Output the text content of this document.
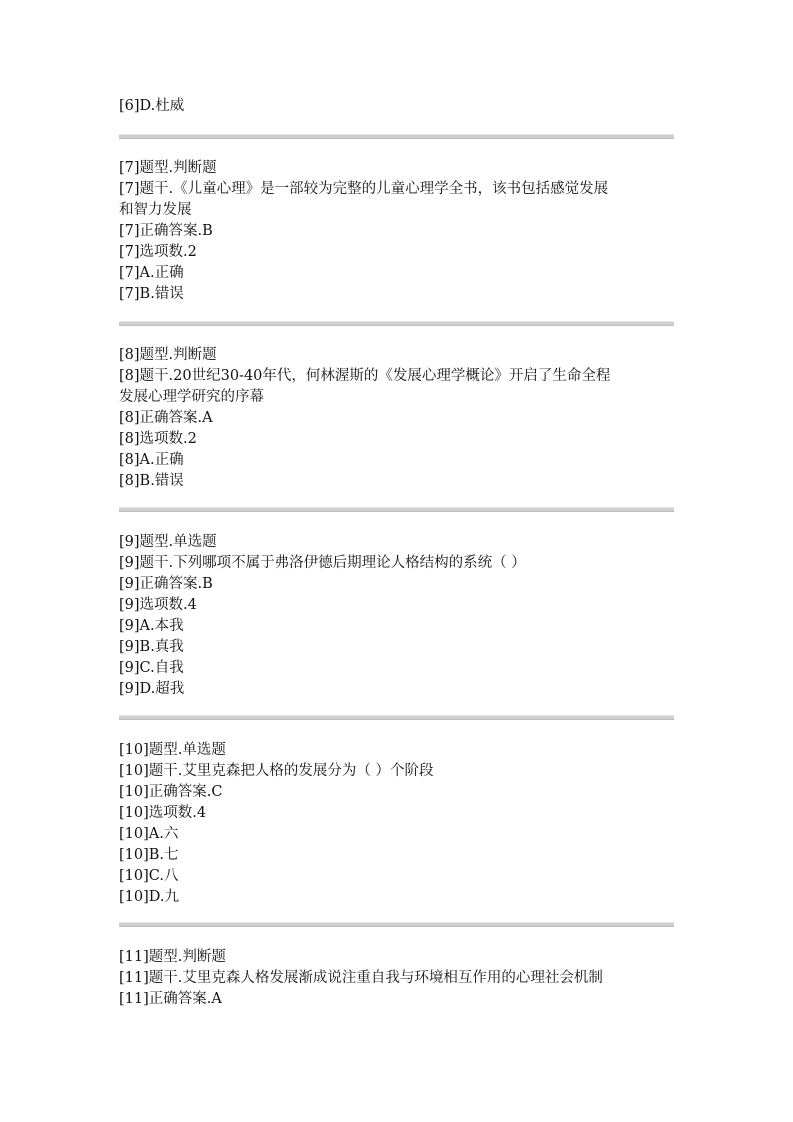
[6]D.杜威
[7]题型.判断题
[7]题干.《儿童心理》是一部较为完整的儿童心理学全书，该书包括感觉发展
和智力发展
[7]正确答案.B
[7]选项数.2
[7]A.正确
[7]B.错误
[8]题型.判断题
[8]题干.20世纪30-40年代，何林渥斯的《发展心理学概论》开启了生命全程
发展心理学研究的序幕
[8]正确答案.A
[8]选项数.2
[8]A.正确
[8]B.错误
[9]题型.单选题
[9]题干.下列哪项不属于弗洛伊德后期理论人格结构的系统（ ）
[9]正确答案.B
[9]选项数.4
[9]A.本我
[9]B.真我
[9]C.自我
[9]D.超我
[10]题型.单选题
[10]题干.艾里克森把人格的发展分为（ ）个阶段
[10]正确答案.C
[10]选项数.4
[10]A.六
[10]B.七
[10]C.八
[10]D.九
[11]题型.判断题
[11]题干.艾里克森人格发展渐成说注重自我与环境相互作用的心理社会机制
[11]正确答案.A
